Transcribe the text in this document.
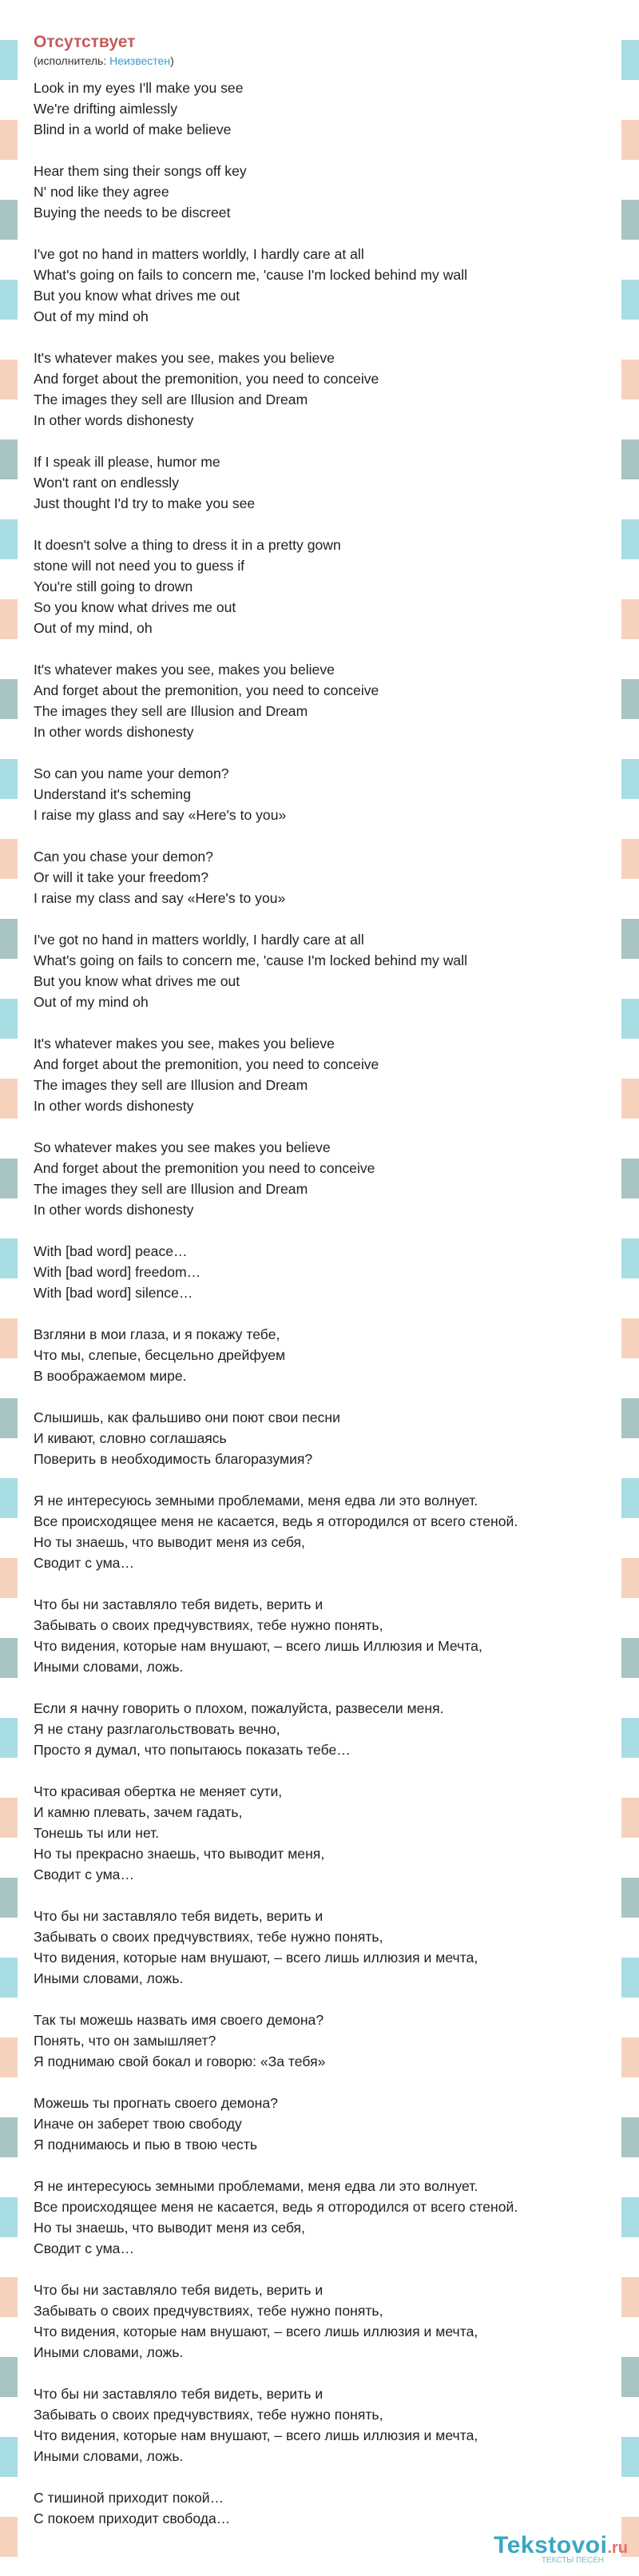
Отсутствует
(исполнитель: Неизвестен)
Look in my eyes I'll make you see
We're drifting aimlessly
Blind in a world of make believe
Hear them sing their songs off key
N' nod like they agree
Buying the needs to be discreet
I've got no hand in matters worldly, I hardly care at all
What's going on fails to concern me, 'cause I'm locked behind my wall
But you know what drives me out
Out of my mind oh
It's whatever makes you see, makes you believe
And forget about the premonition, you need to conceive
The images they sell are Illusion and Dream
In other words dishonesty
If I speak ill please, humor me
Won't rant on endlessly
Just thought I'd try to make you see
It doesn't solve a thing to dress it in a pretty gown
stone will not need you to guess if
You're still going to drown
So you know what drives me out
Out of my mind, oh
It's whatever makes you see, makes you believe
And forget about the premonition, you need to conceive
The images they sell are Illusion and Dream
In other words dishonesty
So can you name your demon?
Understand it's scheming
I raise my glass and say «Here's to you»
Can you chase your demon?
Or will it take your freedom?
I raise my class and say «Here's to you»
I've got no hand in matters worldly, I hardly care at all
What's going on fails to concern me, 'cause I'm locked behind my wall
But you know what drives me out
Out of my mind oh
It's whatever makes you see, makes you believe
And forget about the premonition, you need to conceive
The images they sell are Illusion and Dream
In other words dishonesty
So whatever makes you see makes you believe
And forget about the premonition you need to conceive
The images they sell are Illusion and Dream
In other words dishonesty
With [bad word] peace…
With [bad word] freedom…
With [bad word] silence…
Взгляни в мои глаза, и я покажу тебе,
Что мы, слепые, бесцельно дрейфуем
В воображаемом мире.
Слышишь, как фальшиво они поют свои песни
И кивают, словно соглашаясь
Поверить в необходимость благоразумия?
Я не интересуюсь земными проблемами, меня едва ли это волнует.
Все происходящее меня не касается, ведь я отгородился от всего стеной.
Но ты знаешь, что выводит меня из себя,
Сводит с ума…
Что бы ни заставляло тебя видеть, верить и
Забывать о своих предчувствиях, тебе нужно понять,
Что видения, которые нам внушают, – всего лишь Иллюзия и Мечта,
Иными словами, ложь.
Если я начну говорить о плохом, пожалуйста, развесели меня.
Я не стану разглагольствовать вечно,
Просто я думал, что попытаюсь показать тебе…
Что красивая обертка не меняет сути,
И камню плевать, зачем гадать,
Тонешь ты или нет.
Но ты прекрасно знаешь, что выводит меня,
Сводит с ума…
Что бы ни заставляло тебя видеть, верить и
Забывать о своих предчувствиях, тебе нужно понять,
Что видения, которые нам внушают, – всего лишь иллюзия и мечта,
Иными словами, ложь.
Так ты можешь назвать имя своего демона?
Понять, что он замышляет?
Я поднимаю свой бокал и говорю: «За тебя»
Можешь ты прогнать своего демона?
Иначе он заберет твою свободу
Я поднимаюсь и пью в твою честь
Я не интересуюсь земными проблемами, меня едва ли это волнует.
Все происходящее меня не касается, ведь я отгородился от всего стеной.
Но ты знаешь, что выводит меня из себя,
Сводит с ума…
Что бы ни заставляло тебя видеть, верить и
Забывать о своих предчувствиях, тебе нужно понять,
Что видения, которые нам внушают, – всего лишь иллюзия и мечта,
Иными словами, ложь.
Что бы ни заставляло тебя видеть, верить и
Забывать о своих предчувствиях, тебе нужно понять,
Что видения, которые нам внушают, – всего лишь иллюзия и мечта,
Иными словами, ложь.
С тишиной приходит покой…
С покоем приходит свобода…
Tekstovoi.ru
ТЕКСТЫ ПЕСЕН
